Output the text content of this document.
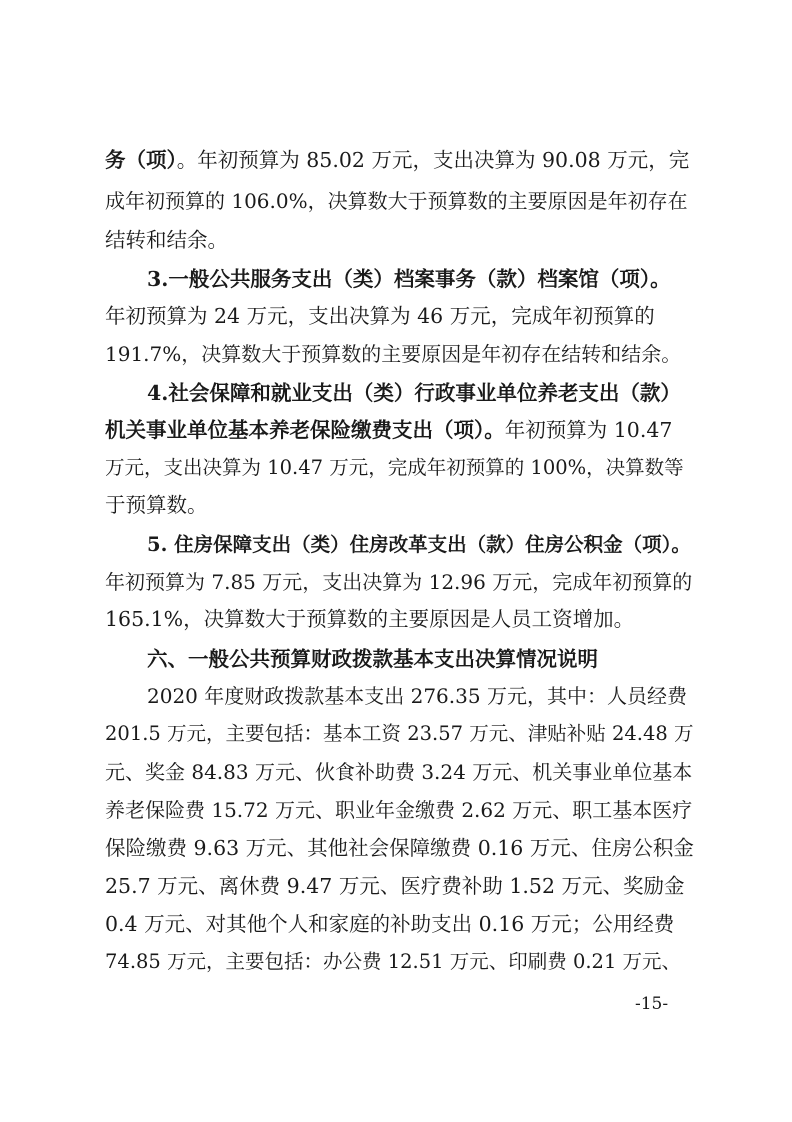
务（项）。年初预算为 85.02 万元，支出决算为 90.08 万元，完
成年初预算的 106.0%，决算数大于预算数的主要原因是年初存在
结转和结余。
3.一般公共服务支出（类）档案事务（款）档案馆（项）。
年初预算为 24 万元，支出决算为 46 万元，完成年初预算的
191.7%，决算数大于预算数的主要原因是年初存在结转和结余。
4.社会保障和就业支出（类）行政事业单位养老支出（款）
机关事业单位基本养老保险缴费支出（项）。年初预算为 10.47
万元，支出决算为 10.47 万元，完成年初预算的 100%，决算数等
于预算数。
5. 住房保障支出（类）住房改革支出（款）住房公积金（项）。
年初预算为 7.85 万元，支出决算为 12.96 万元，完成年初预算的
165.1%，决算数大于预算数的主要原因是人员工资增加。
六、一般公共预算财政拨款基本支出决算情况说明
2020 年度财政拨款基本支出 276.35 万元，其中：人员经费
201.5 万元，主要包括：基本工资 23.57 万元、津贴补贴 24.48 万
元、奖金 84.83 万元、伙食补助费 3.24 万元、机关事业单位基本
养老保险费 15.72 万元、职业年金缴费 2.62 万元、职工基本医疗
保险缴费 9.63 万元、其他社会保障缴费 0.16 万元、住房公积金
25.7 万元、离休费 9.47 万元、医疗费补助 1.52 万元、奖励金
0.4 万元、对其他个人和家庭的补助支出 0.16 万元；公用经费
74.85 万元，主要包括：办公费 12.51 万元、印刷费 0.21 万元、
-15-
